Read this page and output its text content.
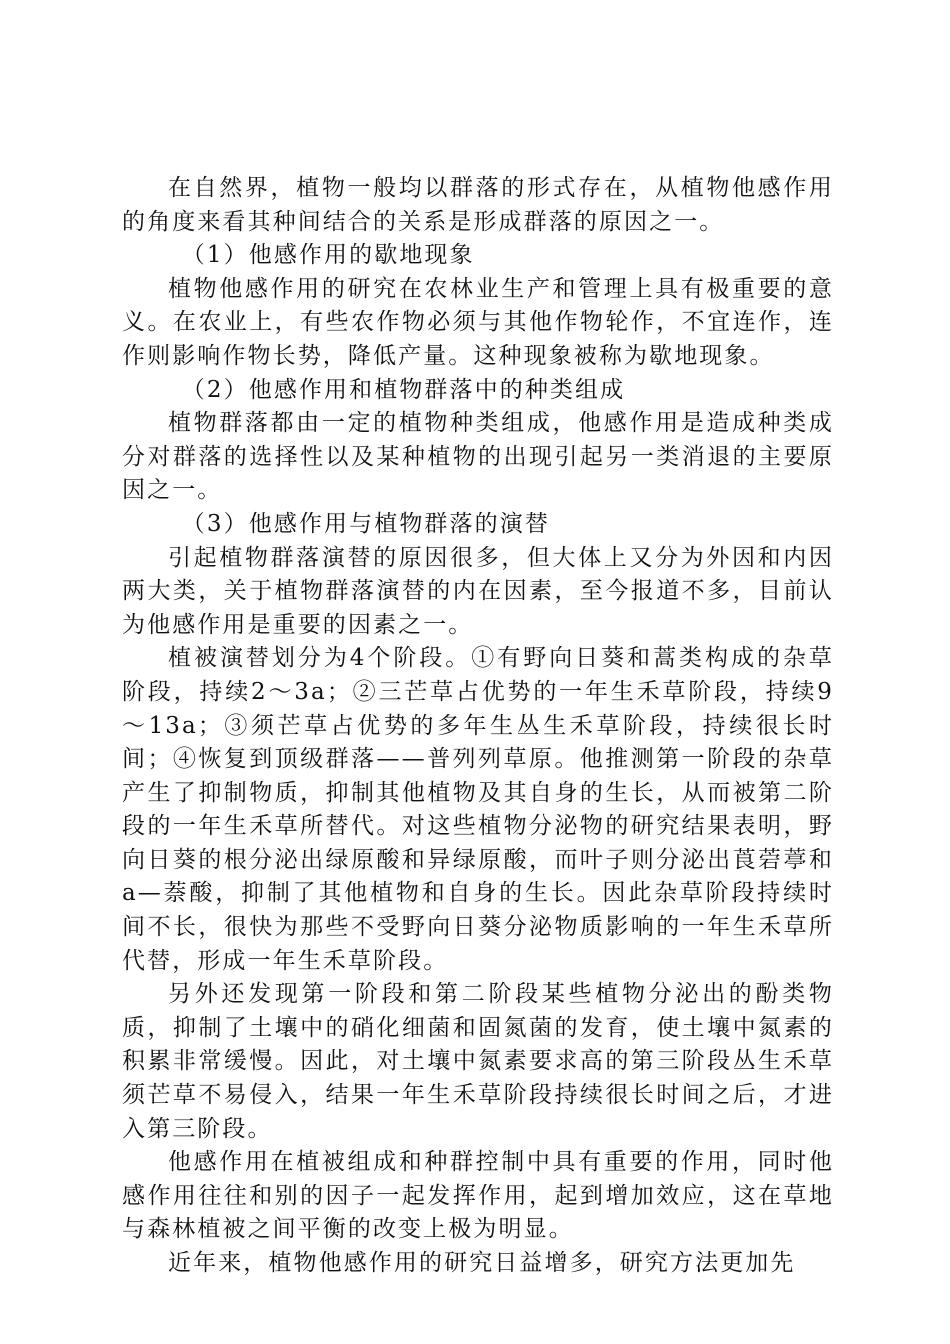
在自然界，植物一般均以群落的形式存在，从植物他感作用的角度来看其种间结合的关系是形成群落的原因之一。

（1）他感作用的歇地现象

植物他感作用的研究在农林业生产和管理上具有极重要的意义。在农业上，有些农作物必须与其他作物轮作，不宜连作，连作则影响作物长势，降低产量。这种现象被称为歇地现象。

（2）他感作用和植物群落中的种类组成

植物群落都由一定的植物种类组成，他感作用是造成种类成分对群落的选择性以及某种植物的出现引起另一类消退的主要原因之一。

（3）他感作用与植物群落的演替

引起植物群落演替的原因很多，但大体上又分为外因和内因两大类，关于植物群落演替的内在因素，至今报道不多，目前认为他感作用是重要的因素之一。

植被演替划分为4个阶段。①有野向日葵和蒿类构成的杂草阶段，持续2～3a；②三芒草占优势的一年生禾草阶段，持续9～13a；③须芒草占优势的多年生丛生禾草阶段，持续很长时间；④恢复到顶级群落——普列列草原。他推测第一阶段的杂草产生了抑制物质，抑制其他植物及其自身的生长，从而被第二阶段的一年生禾草所替代。对这些植物分泌物的研究结果表明，野向日葵的根分泌出绿原酸和异绿原酸，而叶子则分泌出莨菪葶和a—萘酸，抑制了其他植物和自身的生长。因此杂草阶段持续时间不长，很快为那些不受野向日葵分泌物质影响的一年生禾草所代替，形成一年生禾草阶段。

另外还发现第一阶段和第二阶段某些植物分泌出的酚类物质，抑制了土壤中的硝化细菌和固氮菌的发育，使土壤中氮素的积累非常缓慢。因此，对土壤中氮素要求高的第三阶段丛生禾草须芒草不易侵入，结果一年生禾草阶段持续很长时间之后，才进入第三阶段。

他感作用在植被组成和种群控制中具有重要的作用，同时他感作用往往和别的因子一起发挥作用，起到增加效应，这在草地与森林植被之间平衡的改变上极为明显。

近年来，植物他感作用的研究日益增多，研究方法更加先
